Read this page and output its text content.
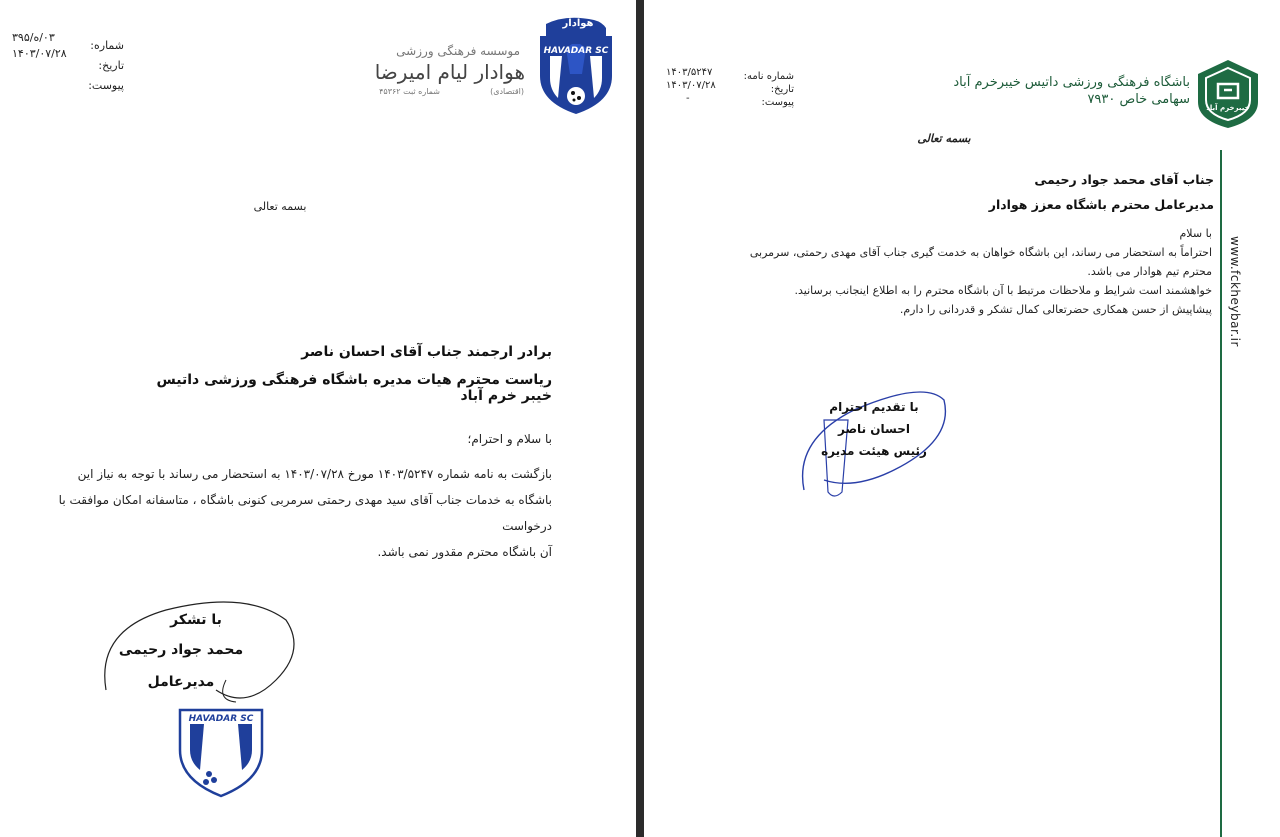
شماره:
تاریخ:
پیوست:
۰۳/ه/۳۹۵
۱۴۰۳/۰۷/۲۸	موسسه فرهنگی ورزشی
هوادار لیام امیرضا
شماره ثبت ۴۵۳۶۲	(اقتصادی)
HAVADAR SC
هوادار
بسمه تعالی
برادر ارجمند جناب آقای احسان ناصر
ریاست محترم هیات مدیره باشگاه فرهنگی ورزشی داتیس خیبر خرم آباد
با سلام و احترام؛
بازگشت به نامه شماره ۱۴۰۳/۵۲۴۷ مورخ ۱۴۰۳/۰۷/۲۸ به استحضار می رساند با توجه به نیاز این
باشگاه به خدمات جناب آقای سید مهدی رحمتی سرمربی کنونی باشگاه ، متاسفانه امکان موافقت با درخواست
آن باشگاه محترم مقدور نمی باشد.
با تشکر
محمد جواد رحیمی
مدیرعامل
HAVADAR SC
خیبرخرم آباد
باشگاه فرهنگی ورزشی داتیس خیبرخرم آباد
سهامی خاص ۷۹۳۰
شماره نامه:
تاریخ:
پیوست:
۱۴۰۳/۵۲۴۷
۱۴۰۳/۰۷/۲۸
-
بسمه تعالی
جناب آقای محمد جواد رحیمی
مدیرعامل محترم باشگاه معزز هوادار
با سلام
احتراماً به استحضار می رساند، این باشگاه خواهان به خدمت گیری جناب آقای مهدی رحمتی، سرمربی
محترم تیم هوادار می باشد.
خواهشمند است شرایط و ملاحظات مرتبط با آن باشگاه محترم را به اطلاع اینجانب برسانید.
پیشاپیش از حسن همکاری حضرتعالی کمال تشکر و قدردانی را دارم.
با تقدیم احترام
احسان ناصر
رئیس هیئت مدیره
www.fckheybar.ir
